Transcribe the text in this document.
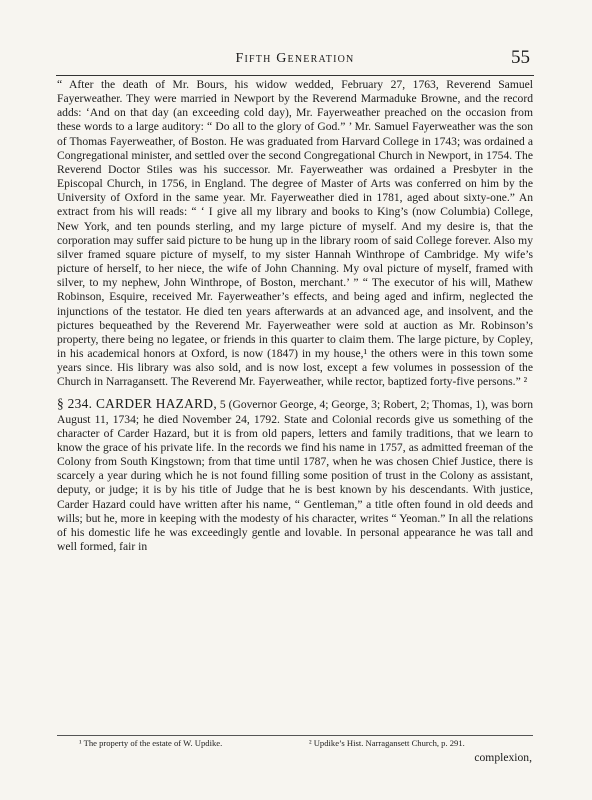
Fifth Generation	55

“ After the death of Mr. Bours, his widow wedded, February 27, 1763, Reverend Samuel Fayerweather. They were married in Newport by the Reverend Marmaduke Browne, and the record adds: ‘And on that day (an exceeding cold day), Mr. Fayerweather preached on the occasion from these words to a large auditory: “ Do all to the glory of God.” ’ Mr. Samuel Fayerweather was the son of Thomas Fayerweather, of Boston. He was graduated from Harvard College in 1743; was ordained a Congregational minister, and settled over the second Congregational Church in Newport, in 1754. The Reverend Doctor Stiles was his successor. Mr. Fayerweather was ordained a Presbyter in the Episcopal Church, in 1756, in England. The degree of Master of Arts was conferred on him by the University of Oxford in the same year. Mr. Fayerweather died in 1781, aged about sixty-one.” An extract from his will reads: “ ‘ I give all my library and books to King’s (now Columbia) College, New York, and ten pounds sterling, and my large picture of myself. And my desire is, that the corporation may suffer said picture to be hung up in the library room of said College forever. Also my silver framed square picture of myself, to my sister Hannah Winthrope of Cambridge. My wife’s picture of herself, to her niece, the wife of John Channing. My oval picture of myself, framed with silver, to my nephew, John Winthrope, of Boston, merchant.’ ” “ The executor of his will, Mathew Robinson, Esquire, received Mr. Fayerweather’s effects, and being aged and infirm, neglected the injunctions of the testator. He died ten years afterwards at an advanced age, and insolvent, and the pictures bequeathed by the Reverend Mr. Fayerweather were sold at auction as Mr. Robinson’s property, there being no legatee, or friends in this quarter to claim them. The large picture, by Copley, in his academical honors at Oxford, is now (1847) in my house,¹ the others were in this town some years since. His library was also sold, and is now lost, except a few volumes in possession of the Church in Narragansett. The Reverend Mr. Fayerweather, while rector, baptized forty-five persons.” ²

§ 234. CARDER HAZARD, 5 (Governor George, 4; George, 3; Robert, 2; Thomas, 1), was born August 11, 1734; he died November 24, 1792. State and Colonial records give us something of the character of Carder Hazard, but it is from old papers, letters and family traditions, that we learn to know the grace of his private life. In the records we find his name in 1757, as admitted freeman of the Colony from South Kingstown; from that time until 1787, when he was chosen Chief Justice, there is scarcely a year during which he is not found filling some position of trust in the Colony as assistant, deputy, or judge; it is by his title of Judge that he is best known by his descendants. With justice, Carder Hazard could have written after his name, “ Gentleman,” a title often found in old deeds and wills; but he, more in keeping with the modesty of his character, writes “ Yeoman.” In all the relations of his domestic life he was exceedingly gentle and lovable. In personal appearance he was tall and well formed, fair in

¹ The property of the estate of W. Updike.	² Updike’s Hist. Narragansett Church, p. 291.
complexion,
